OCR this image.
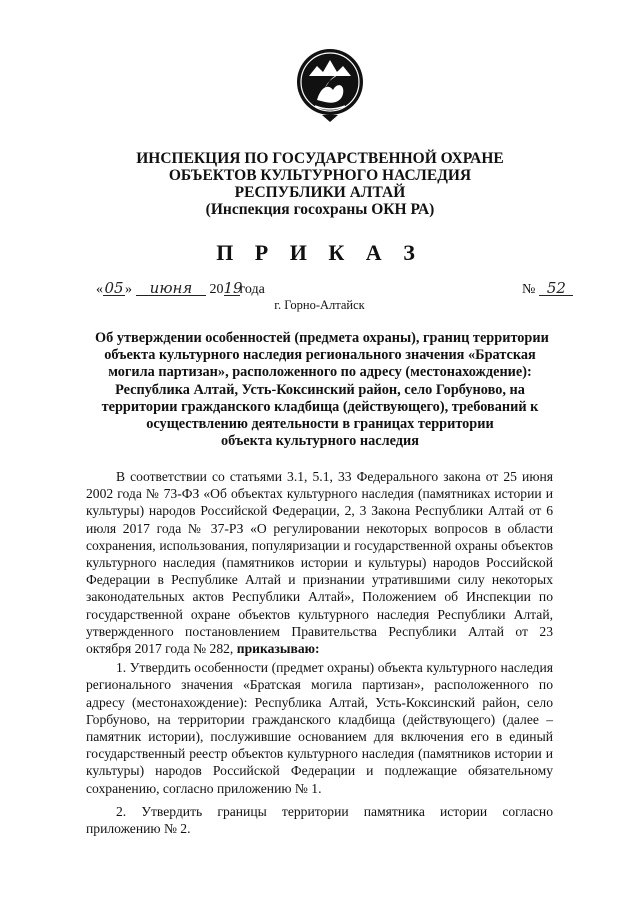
ИНСПЕКЦИЯ ПО ГОСУДАРСТВЕННОЙ ОХРАНЕ
ОБЪЕКТОВ КУЛЬТУРНОГО НАСЛЕДИЯ
РЕСПУБЛИКИ АЛТАЙ
(Инспекция госохраны ОКН РА)
П Р И К А З
«05» июня 2019года	№ 52
г. Горно-Алтайск
Об утверждении особенностей (предмета охраны), границ территории
объекта культурного наследия регионального значения «Братская
могила партизан», расположенного по адресу (местонахождение):
Республика Алтай, Усть-Коксинский район, село Горбуново, на
территории гражданского кладбища (действующего), требований к
осуществлению деятельности в границах территории
объекта культурного наследия

В соответствии со статьями 3.1, 5.1, 33 Федерального закона от 25 июня 2002 года № 73-ФЗ «Об объектах культурного наследия (памятниках истории и культуры) народов Российской Федерации, 2, 3 Закона Республики Алтай от 6 июля 2017 года № 37-РЗ «О регулировании некоторых вопросов в области сохранения, использования, популяризации и государственной охраны объектов культурного наследия (памятников истории и культуры) народов Российской Федерации в Республике Алтай и признании утратившими силу некоторых законодательных актов Республики Алтай», Положением об Инспекции по государственной охране объектов культурного наследия Республики Алтай, утвержденного постановлением Правительства Республики Алтай от 23 октября 2017 года № 282, приказываю:

1. Утвердить особенности (предмет охраны) объекта культурного наследия регионального значения «Братская могила партизан», расположенного по адресу (местонахождение): Республика Алтай, Усть-Коксинский район, село Горбуново, на территории гражданского кладбища (действующего) (далее – памятник истории), послужившие основанием для включения его в единый государственный реестр объектов культурного наследия (памятников истории и культуры) народов Российской Федерации и подлежащие обязательному сохранению, согласно приложению № 1.

2. Утвердить границы территории памятника истории согласно приложению № 2.
